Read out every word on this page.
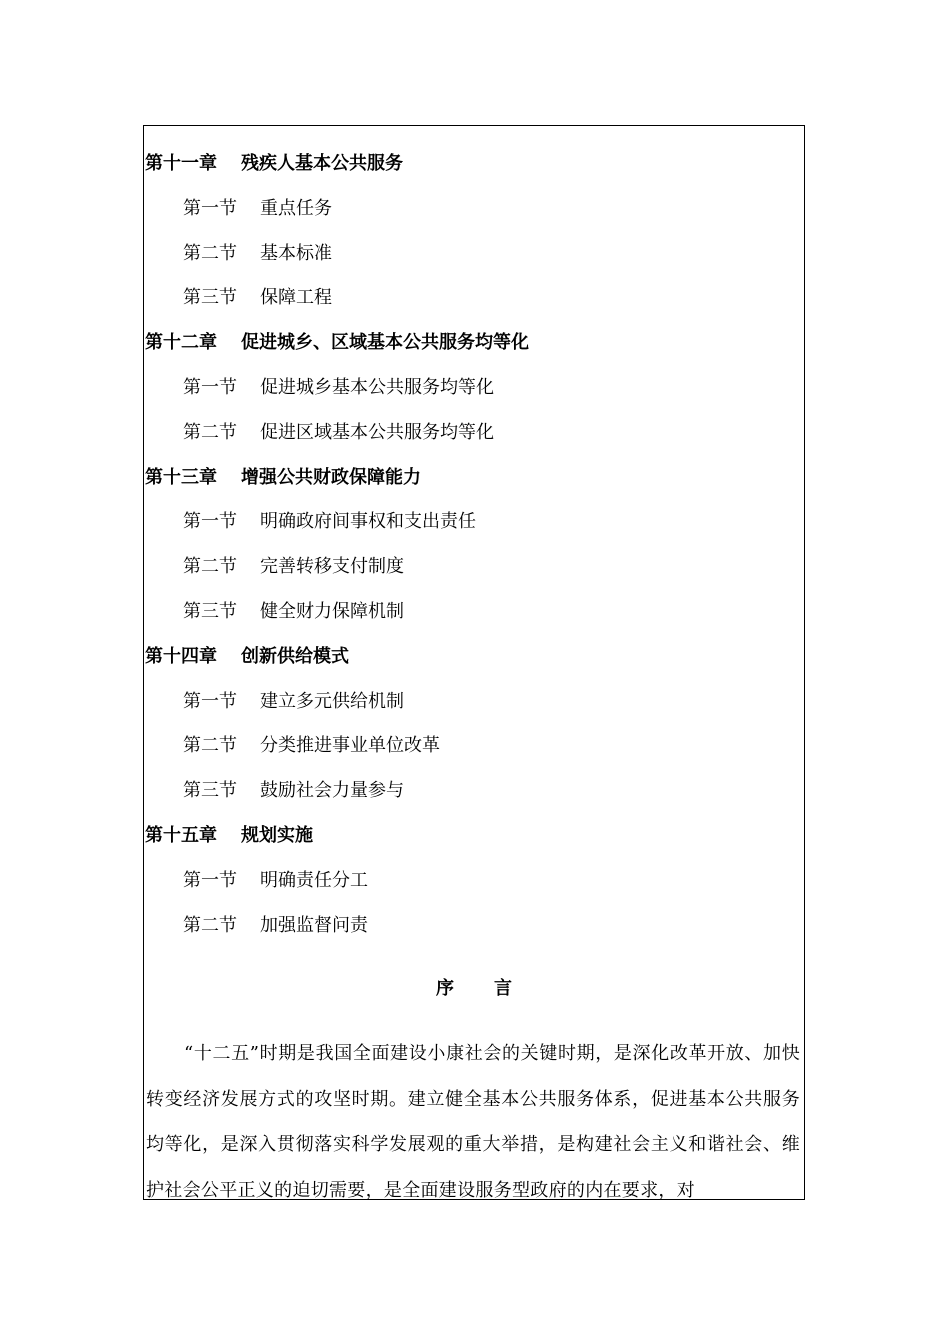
第十一章 残疾人基本公共服务
第一节 重点任务
第二节 基本标准
第三节 保障工程
第十二章 促进城乡、区域基本公共服务均等化
第一节 促进城乡基本公共服务均等化
第二节 促进区域基本公共服务均等化
第十三章 增强公共财政保障能力
第一节 明确政府间事权和支出责任
第二节 完善转移支付制度
第三节 健全财力保障机制
第十四章 创新供给模式
第一节 建立多元供给机制
第二节 分类推进事业单位改革
第三节 鼓励社会力量参与
第十五章 规划实施
第一节 明确责任分工
第二节 加强监督问责
序 言
“十二五”时期是我国全面建设小康社会的关键时期，是深化改革开放、加快转变经济发展方式的攻坚时期。建立健全基本公共服务体系，促进基本公共服务均等化，是深入贯彻落实科学发展观的重大举措，是构建社会主义和谐社会、维护社会公平正义的迫切需要，是全面建设服务型政府的内在要求，对
